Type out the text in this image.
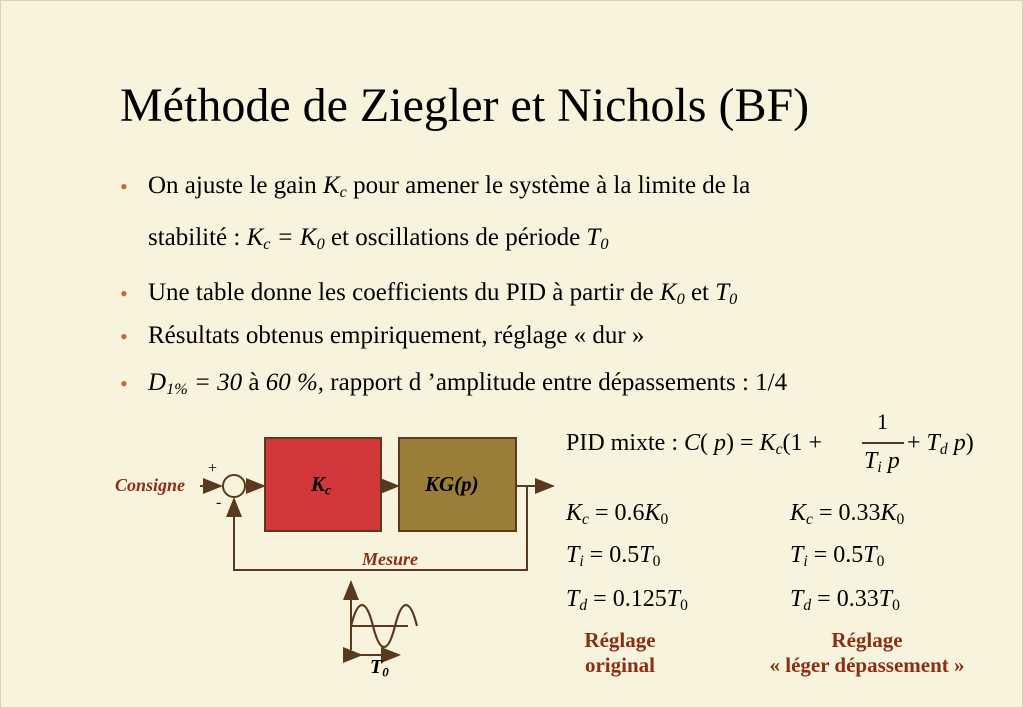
Méthode de Ziegler et Nichols (BF)
• On ajuste le gain $K_c$ pour amener le système à la limite de la
stabilité : $K_c = K_0$ et oscillations de période $T_0$
• Une table donne les coefficients du PID à partir de $K_0$ et $T_0$
• Résultats obtenus empiriquement, réglage « dur »
• $D_{1\%} = 30$ à 60 %, rapport d ’amplitude entre dépassements : 1/4
Consigne
+
-
$K_c$	KG(p)
Mesure
$T_0$
PID mixte : C( $p) = K_c(1$ +
1
$T_i$ p
+ $T_d$ p)
$K_c = 0.6K_0$
$T_i = 0.5T_0$
$T_d = 0.125T_0$
$K_c = 0.33K_0$
$T_i = 0.5T_0$
$T_d = 0.33T_0$
Réglage
original
Réglage
« léger dépassement »
